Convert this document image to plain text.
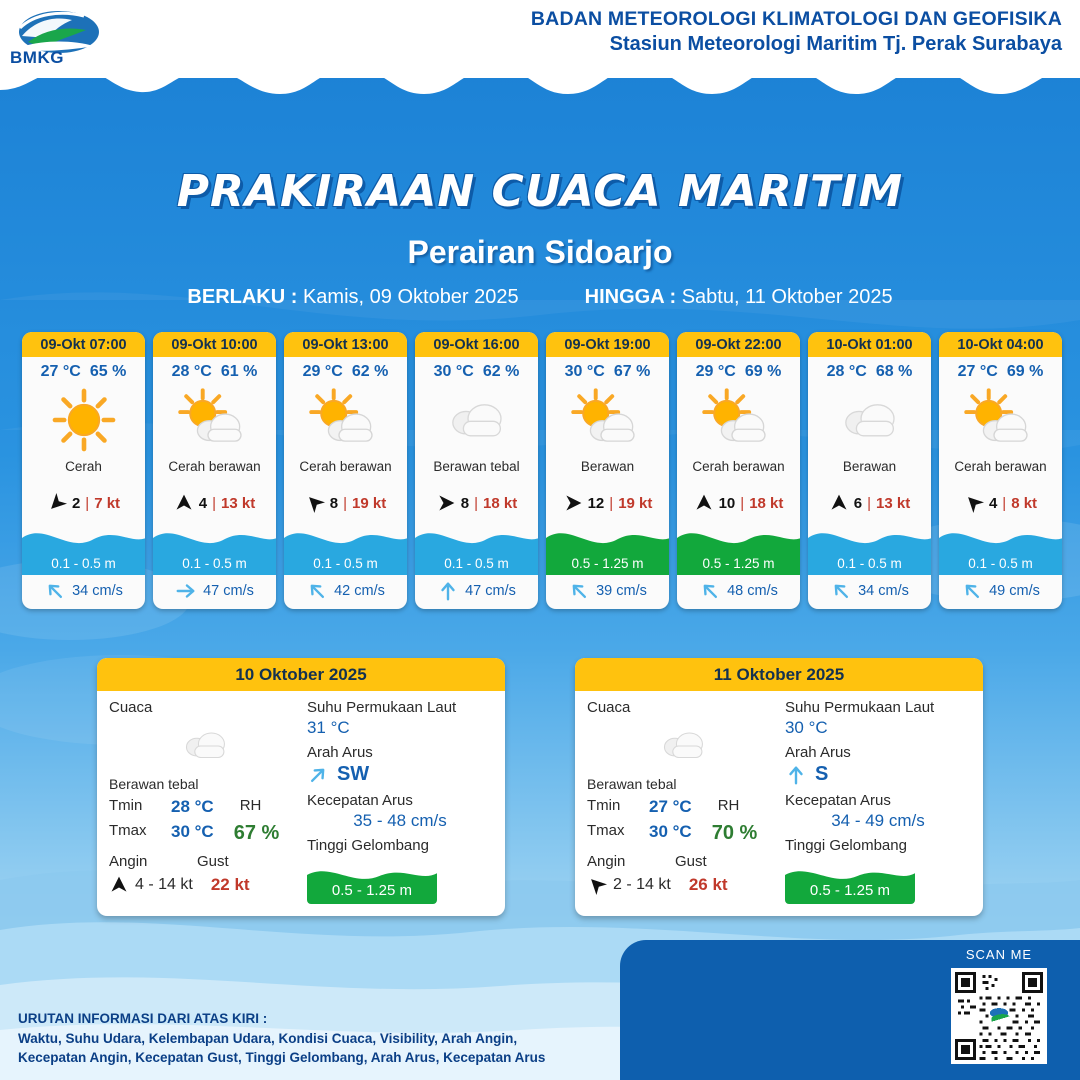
BMKG
BADAN METEOROLOGI KLIMATOLOGI DAN GEOFISIKA
Stasiun Meteorologi Maritim Tj. Perak Surabaya
PRAKIRAAN CUACA MARITIM
Perairan Sidoarjo
BERLAKU : Kamis, 09 Oktober 2025	HINGGA : Sabtu, 11 Oktober 2025
09-Okt 07:00
27 °C 65 %
Cerah
2 | 7 kt
0.1 - 0.5 m
34 cm/s
09-Okt 10:00
28 °C 61 %
Cerah berawan
4 | 13 kt
0.1 - 0.5 m
47 cm/s
09-Okt 13:00
29 °C 62 %
Cerah berawan
8 | 19 kt
0.1 - 0.5 m
42 cm/s
09-Okt 16:00
30 °C 62 %
Berawan tebal
8 | 18 kt
0.1 - 0.5 m
47 cm/s
09-Okt 19:00
30 °C 67 %
Berawan
12 | 19 kt
0.5 - 1.25 m
39 cm/s
09-Okt 22:00
29 °C 69 %
Cerah berawan
10 | 18 kt
0.5 - 1.25 m
48 cm/s
10-Okt 01:00
28 °C 68 %
Berawan
6 | 13 kt
0.1 - 0.5 m
34 cm/s
10-Okt 04:00
27 °C 69 %
Cerah berawan
4 | 8 kt
0.1 - 0.5 m
49 cm/s
10 Oktober 2025
Cuaca
Berawan tebal
Tmin	28 °C RH
Tmax	30 °C 67 %
Angin	Gust
4 - 14 kt 22 kt
Suhu Permukaan Laut
31 °C
Arah Arus
SW
Kecepatan Arus
35 - 48 cm/s
Tinggi Gelombang
0.5 - 1.25 m
11 Oktober 2025
Cuaca
Berawan tebal
Tmin	27 °C RH
Tmax	30 °C 70 %
Angin	Gust
2 - 14 kt 26 kt
Suhu Permukaan Laut
30 °C
Arah Arus
S
Kecepatan Arus
34 - 49 cm/s
Tinggi Gelombang
0.5 - 1.25 m
URUTAN INFORMASI DARI ATAS KIRI :
Waktu, Suhu Udara, Kelembapan Udara, Kondisi Cuaca, Visibility, Arah Angin,
Kecepatan Angin, Kecepatan Gust, Tinggi Gelombang, Arah Arus, Kecepatan Arus
SCAN ME
